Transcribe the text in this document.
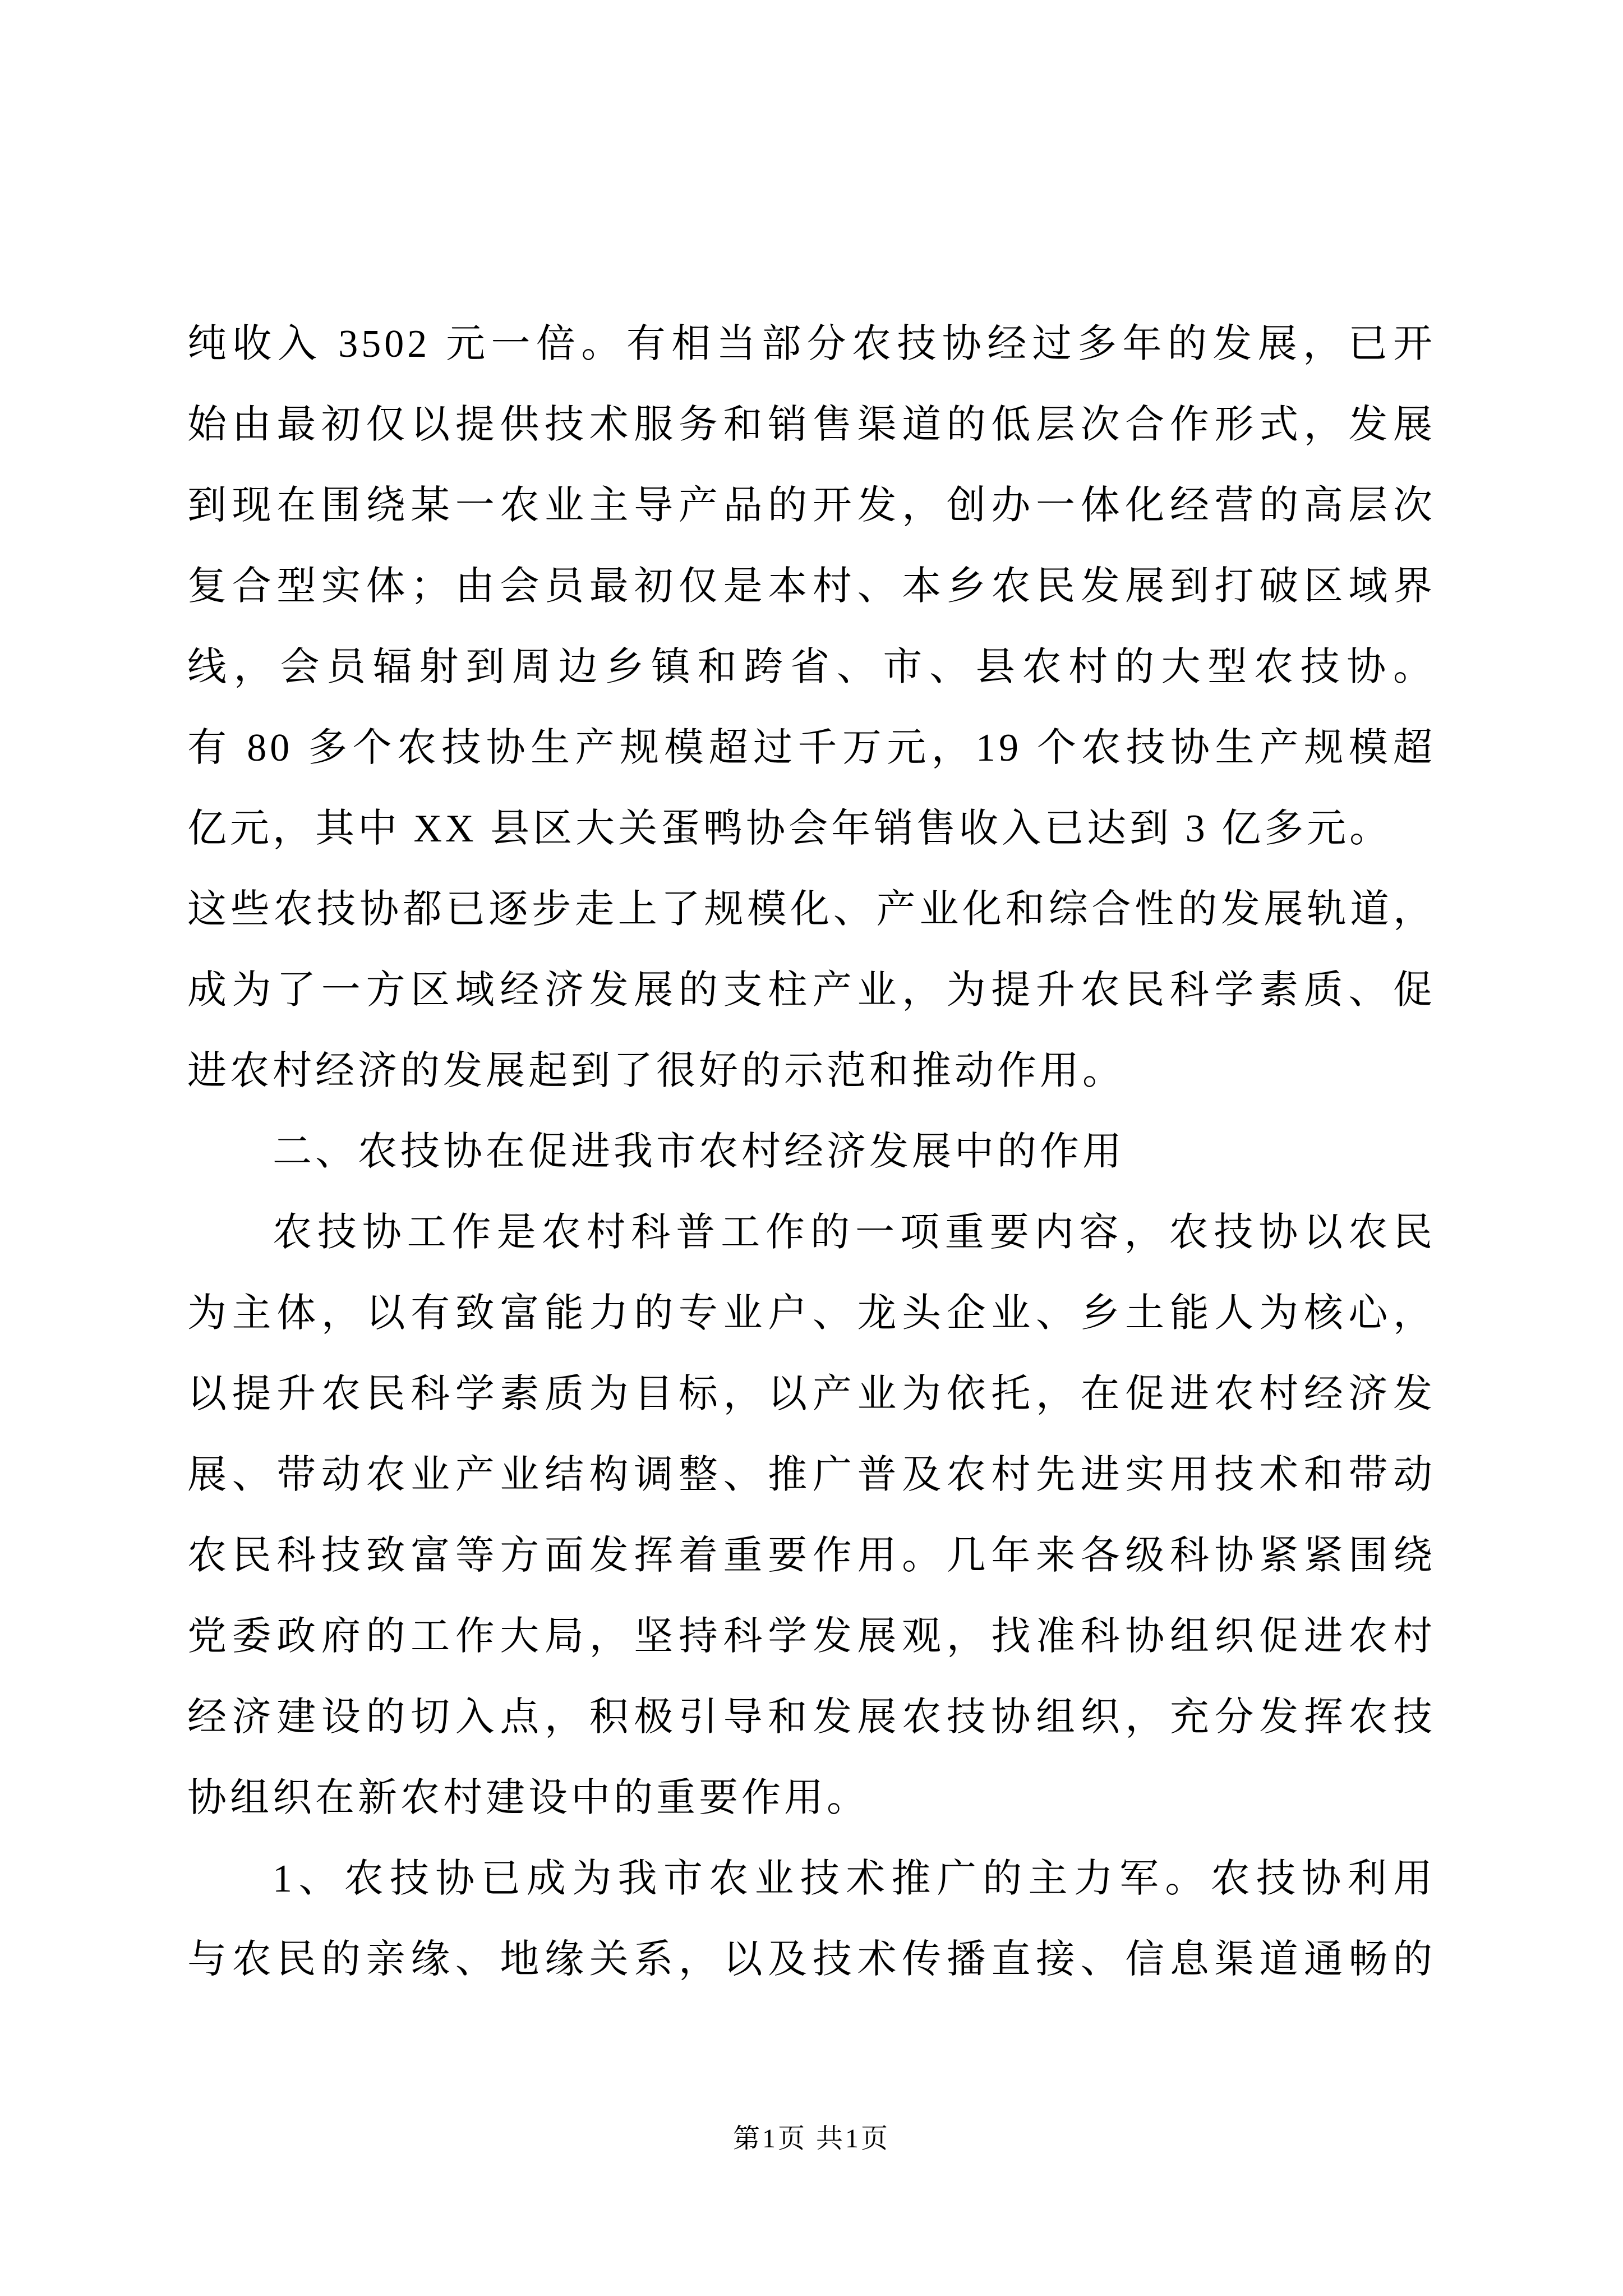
纯收入 3502 元一倍。有相当部分农技协经过多年的发展，已开
始由最初仅以提供技术服务和销售渠道的低层次合作形式，发展
到现在围绕某一农业主导产品的开发，创办一体化经营的高层次
复合型实体；由会员最初仅是本村、本乡农民发展到打破区域界
线，会员辐射到周边乡镇和跨省、市、县农村的大型农技协。
有 80 多个农技协生产规模超过千万元，19 个农技协生产规模超
亿元，其中 XX 县区大关蛋鸭协会年销售收入已达到 3 亿多元。
这些农技协都已逐步走上了规模化、产业化和综合性的发展轨道，
成为了一方区域经济发展的支柱产业，为提升农民科学素质、促
进农村经济的发展起到了很好的示范和推动作用。
二、农技协在促进我市农村经济发展中的作用
农技协工作是农村科普工作的一项重要内容，农技协以农民
为主体，以有致富能力的专业户、龙头企业、乡土能人为核心，
以提升农民科学素质为目标，以产业为依托，在促进农村经济发
展、带动农业产业结构调整、推广普及农村先进实用技术和带动
农民科技致富等方面发挥着重要作用。几年来各级科协紧紧围绕
党委政府的工作大局，坚持科学发展观，找准科协组织促进农村
经济建设的切入点，积极引导和发展农技协组织，充分发挥农技
协组织在新农村建设中的重要作用。
1、农技协已成为我市农业技术推广的主力军。农技协利用
与农民的亲缘、地缘关系，以及技术传播直接、信息渠道通畅的
第1页 共1页
